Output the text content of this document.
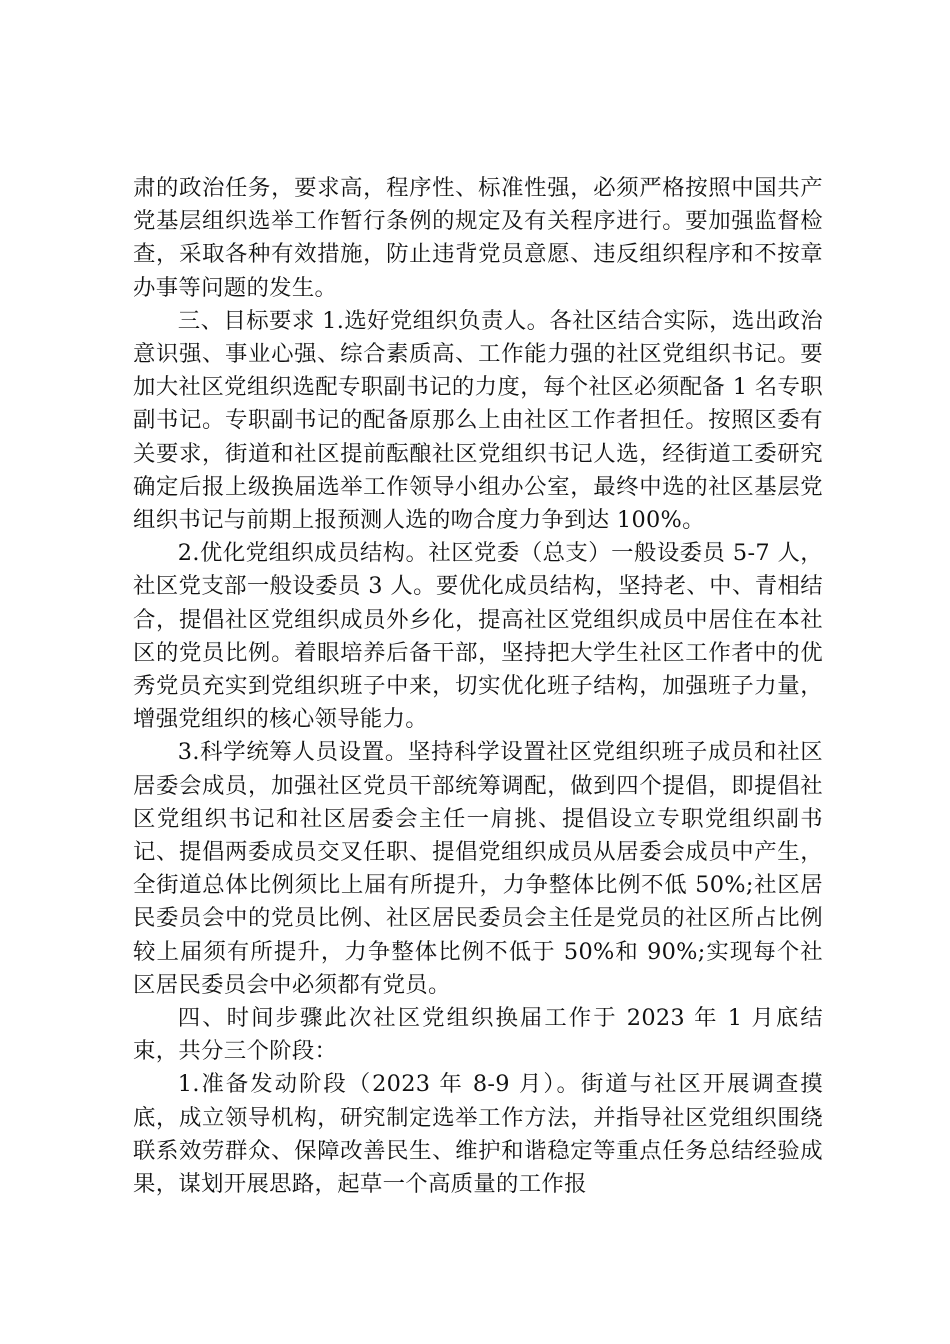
肃的政治任务，要求高，程序性、标准性强，必须严格按照中国共产党基层组织选举工作暂行条例的规定及有关程序进行。要加强监督检查，采取各种有效措施，防止违背党员意愿、违反组织程序和不按章办事等问题的发生。

三、目标要求 1.选好党组织负责人。各社区结合实际，选出政治意识强、事业心强、综合素质高、工作能力强的社区党组织书记。要加大社区党组织选配专职副书记的力度，每个社区必须配备 1 名专职副书记。专职副书记的配备原那么上由社区工作者担任。按照区委有关要求，街道和社区提前酝酿社区党组织书记人选，经街道工委研究确定后报上级换届选举工作领导小组办公室，最终中选的社区基层党组织书记与前期上报预测人选的吻合度力争到达 100%。

2.优化党组织成员结构。社区党委（总支）一般设委员 5-7 人，社区党支部一般设委员 3 人。要优化成员结构，坚持老、中、青相结合，提倡社区党组织成员外乡化，提高社区党组织成员中居住在本社区的党员比例。着眼培养后备干部，坚持把大学生社区工作者中的优秀党员充实到党组织班子中来，切实优化班子结构，加强班子力量，增强党组织的核心领导能力。

3.科学统筹人员设置。坚持科学设置社区党组织班子成员和社区居委会成员，加强社区党员干部统筹调配，做到四个提倡，即提倡社区党组织书记和社区居委会主任一肩挑、提倡设立专职党组织副书记、提倡两委成员交叉任职、提倡党组织成员从居委会成员中产生，全街道总体比例须比上届有所提升，力争整体比例不低 50%;社区居民委员会中的党员比例、社区居民委员会主任是党员的社区所占比例较上届须有所提升，力争整体比例不低于 50%和 90%;实现每个社区居民委员会中必须都有党员。

四、时间步骤此次社区党组织换届工作于 2023 年 1 月底结束，共分三个阶段：

1.准备发动阶段（2023 年 8-9 月）。街道与社区开展调查摸底，成立领导机构，研究制定选举工作方法，并指导社区党组织围绕联系效劳群众、保障改善民生、维护和谐稳定等重点任务总结经验成果，谋划开展思路，起草一个高质量的工作报
